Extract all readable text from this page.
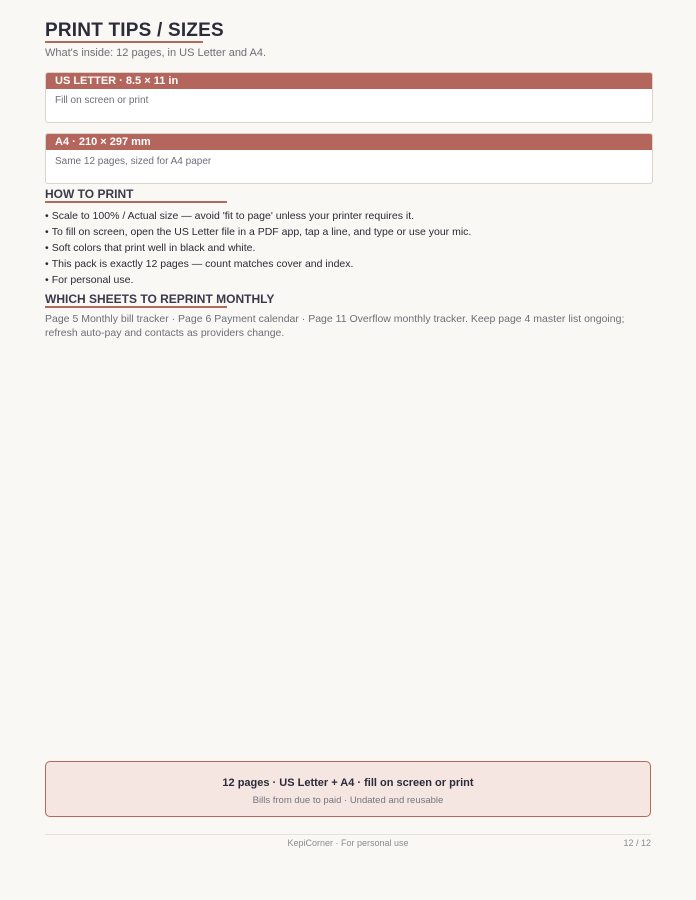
PRINT TIPS / SIZES
What's inside: 12 pages, in US Letter and A4.
US LETTER · 8.5 × 11 in
Fill on screen or print
A4 · 210 × 297 mm
Same 12 pages, sized for A4 paper
HOW TO PRINT
• Scale to 100% / Actual size — avoid 'fit to page' unless your printer requires it.
• To fill on screen, open the US Letter file in a PDF app, tap a line, and type or use your mic.
• Soft colors that print well in black and white.
• This pack is exactly 12 pages — count matches cover and index.
• For personal use.
WHICH SHEETS TO REPRINT MONTHLY
Page 5 Monthly bill tracker · Page 6 Payment calendar · Page 11 Overflow monthly tracker. Keep page 4 master list ongoing; refresh auto-pay and contacts as providers change.
12 pages · US Letter + A4 · fill on screen or print
Bills from due to paid · Undated and reusable
KepiCorner · For personal use	12 / 12
